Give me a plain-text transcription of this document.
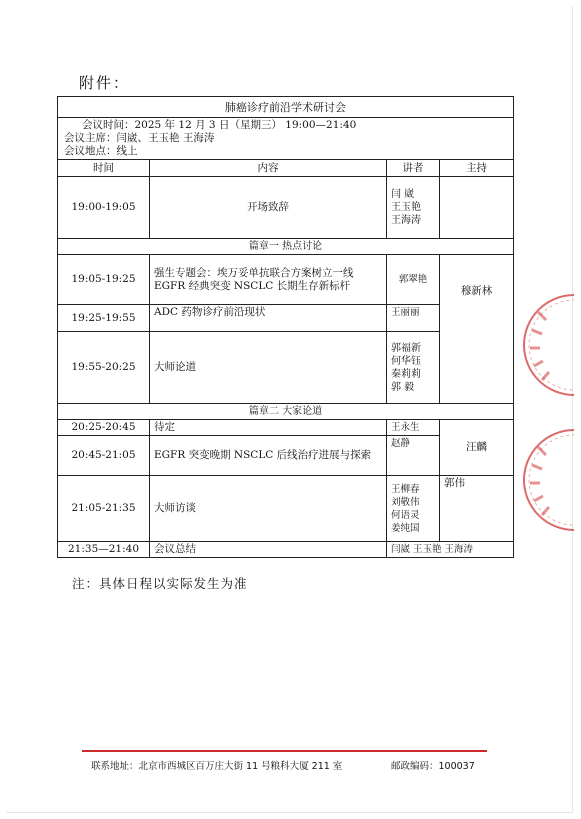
附件：
肺癌诊疗前沿学术研讨会			

会议时间：2025 年 12 月 3 日（星期三） 19:00—21:40
会议主席：闫崴、王玉艳 王海涛
会议地点：线上			

时间	内容	讲者	主持
19:00-19:05	开场致辞	闫 崴
王玉艳
王海涛	

篇章一 热点讨论			
19:05-19:25	强生专题会：埃万妥单抗联合方案树立一线 EGFR 经典突变 NSCLC 长期生存新标杆	郭翠艳	穆新林

19:25-19:55	ADC 药物诊疗前沿现状	王丽丽	
19:55-20:25	大师论道	郭福新
何华钰
秦莉莉
郭 毅	

篇章二 大家论道			
20:25-20:45	待定	王永生	汪麟

20:45-21:05	EGFR 突变晚期 NSCLC 后线治疗进展与探索	赵静	
21:05-21:35	大师访谈	王柳春
刘敬伟
何语灵
姜纯国	郭伟
21:35—21:40	会议总结	闫崴 王玉艳 王海涛	
注：具体日程以实际发生为准
联系地址：北京市西城区百万庄大街 11 号粮科大厦 211 室	邮政编码：100037
